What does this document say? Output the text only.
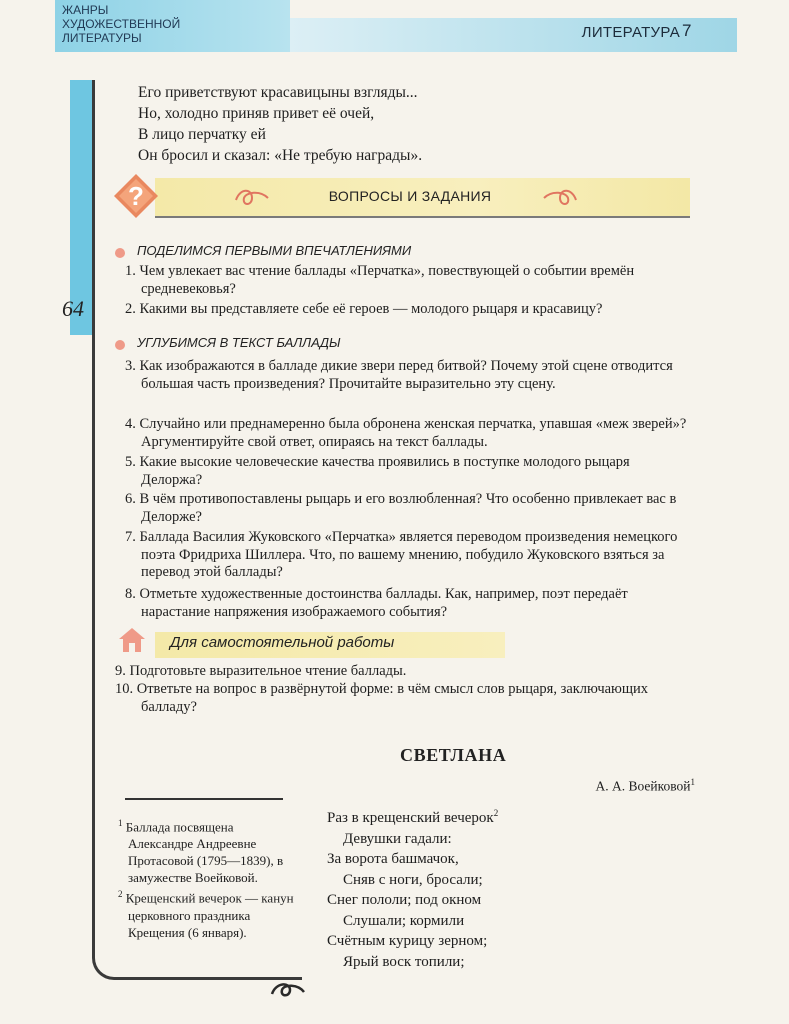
ЖАНРЫ
ХУДОЖЕСТВЕННОЙ
ЛИТЕРАТУРЫ	ЛИТЕРАТУРА 7
64
Его приветствуют красавицыны взгляды...
Но, холодно приняв привет её очей,
В лицо перчатку ей
Он бросил и сказал: «Не требую награды».
?	ВОПРОСЫ И ЗАДАНИЯ
ПОДЕЛИМСЯ ПЕРВЫМИ ВПЕЧАТЛЕНИЯМИ
1. Чем увлекает вас чтение баллады «Перчатка», повествующей о событии времён средневековья?
2. Какими вы представляете себе её героев — молодого рыцаря и красавицу?
УГЛУБИМСЯ В ТЕКСТ БАЛЛАДЫ
3. Как изображаются в балладе дикие звери перед битвой? Почему этой сцене отводится большая часть произведения? Прочитайте выразительно эту сцену.
4. Случайно или преднамеренно была обронена женская перчатка, упавшая «меж зверей»? Аргументируйте свой ответ, опираясь на текст баллады.
5. Какие высокие человеческие качества проявились в поступке молодого рыцаря Делоржа?
6. В чём противопоставлены рыцарь и его возлюбленная? Что особенно привлекает вас в Делорже?
7. Баллада Василия Жуковского «Перчатка» является переводом произведения немецкого поэта Фридриха Шиллера. Что, по вашему мнению, побудило Жуковского взяться за перевод этой баллады?
8. Отметьте художественные достоинства баллады. Как, например, поэт передаёт нарастание напряжения изображаемого события?
Для самостоятельной работы
9. Подготовьте выразительное чтение баллады.
10. Ответьте на вопрос в развёрнутой форме: в чём смысл слов рыцаря, заключающих балладу?
СВЕТЛАНА
А. А. Воейковой$^1$
$^1$ Баллада посвящена Александре Андреевне Протасовой (1795—1839), в замужестве Воейковой.
$^2$ Крещенский вечерок — канун церковного праздника Крещения (6 января).
Раз в крещенский вечерок$^2$
Девушки гадали:
За ворота башмачок,
Сняв с ноги, бросали;
Снег пололи; под окном
Слушали; кормили
Счётным курицу зерном;
Ярый воск топили;
